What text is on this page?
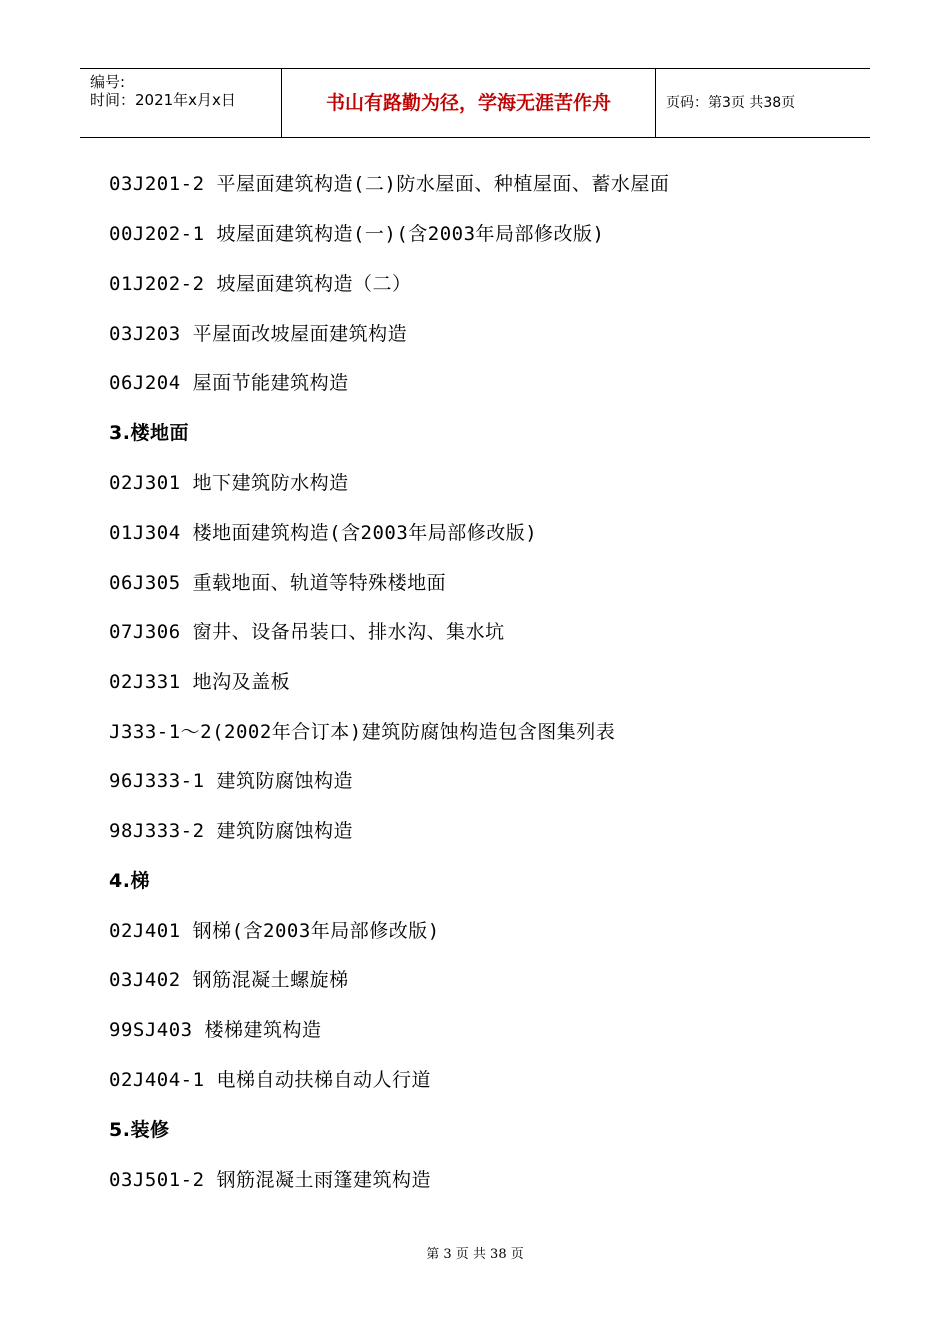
编号:
时间：2021年x月x日	书山有路勤为径，学海无涯苦作舟	页码：第3页 共38页
03J201-2 平屋面建筑构造(二)防水屋面、种植屋面、蓄水屋面
00J202-1 坡屋面建筑构造(一)(含2003年局部修改版)
01J202-2 坡屋面建筑构造（二）
03J203 平屋面改坡屋面建筑构造
06J204 屋面节能建筑构造
3.楼地面
02J301 地下建筑防水构造
01J304 楼地面建筑构造(含2003年局部修改版)
06J305 重载地面、轨道等特殊楼地面
07J306 窗井、设备吊装口、排水沟、集水坑
02J331 地沟及盖板
J333-1～2(2002年合订本)建筑防腐蚀构造包含图集列表
96J333-1 建筑防腐蚀构造
98J333-2 建筑防腐蚀构造
4.梯
02J401 钢梯(含2003年局部修改版)
03J402 钢筋混凝土螺旋梯
99SJ403 楼梯建筑构造
02J404-1 电梯自动扶梯自动人行道
5.装修
03J501-2 钢筋混凝土雨篷建筑构造
第 3 页 共 38 页
